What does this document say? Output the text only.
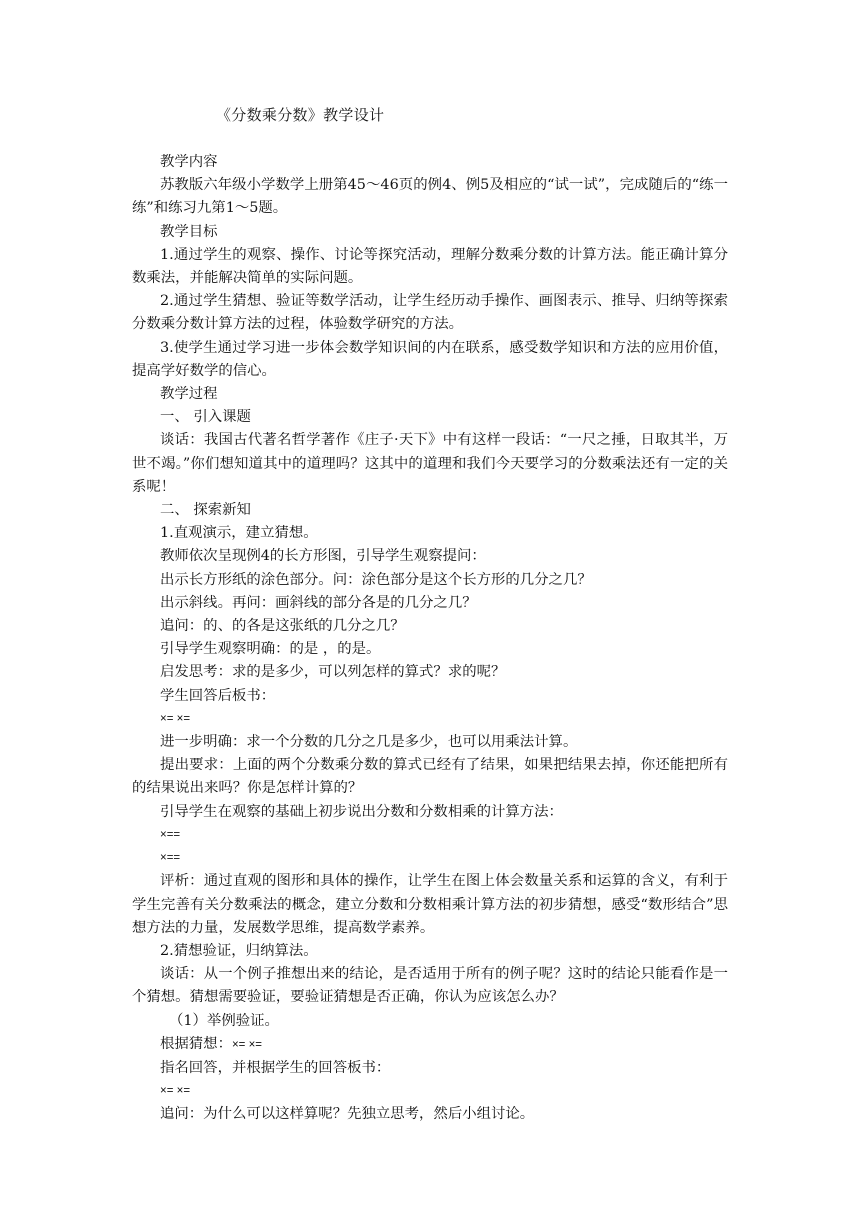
《分数乘分数》教学设计

教学内容

苏教版六年级小学数学上册第45～46页的例4、例5及相应的“试一试”，完成随后的“练一练”和练习九第1～5题。

教学目标

1.通过学生的观察、操作、讨论等探究活动，理解分数乘分数的计算方法。能正确计算分数乘法，并能解决简单的实际问题。

2.通过学生猜想、验证等数学活动，让学生经历动手操作、画图表示、推导、归纳等探索分数乘分数计算方法的过程，体验数学研究的方法。

3.使学生通过学习进一步体会数学知识间的内在联系，感受数学知识和方法的应用价值，提高学好数学的信心。

教学过程

一、 引入课题

谈话：我国古代著名哲学著作《庄子·天下》中有这样一段话：“一尺之捶，日取其半，万世不竭。”你们想知道其中的道理吗？这其中的道理和我们今天要学习的分数乘法还有一定的关系呢！

二、 探索新知

1.直观演示，建立猜想。

教师依次呈现例4的长方形图，引导学生观察提问：

出示长方形纸的涂色部分。问：涂色部分是这个长方形的几分之几？

出示斜线。再问：画斜线的部分各是的几分之几？

追问：的、的各是这张纸的几分之几？

引导学生观察明确：的是 ，的是。

启发思考：求的是多少，可以列怎样的算式？求的呢？

学生回答后板书：

×= ×=

进一步明确：求一个分数的几分之几是多少，也可以用乘法计算。

提出要求：上面的两个分数乘分数的算式已经有了结果，如果把结果去掉，你还能把所有的结果说出来吗？你是怎样计算的？

引导学生在观察的基础上初步说出分数和分数相乘的计算方法：

×==

×==

评析：通过直观的图形和具体的操作，让学生在图上体会数量关系和运算的含义，有利于学生完善有关分数乘法的概念，建立分数和分数相乘计算方法的初步猜想，感受“数形结合”思想方法的力量，发展数学思维，提高数学素养。

2.猜想验证，归纳算法。

谈话：从一个例子推想出来的结论，是否适用于所有的例子呢？这时的结论只能看作是一个猜想。猜想需要验证，要验证猜想是否正确，你认为应该怎么办？

（1）举例验证。

根据猜想：×= ×=

指名回答，并根据学生的回答板书：

×= ×=

追问：为什么可以这样算呢？先独立思考，然后小组讨论。
